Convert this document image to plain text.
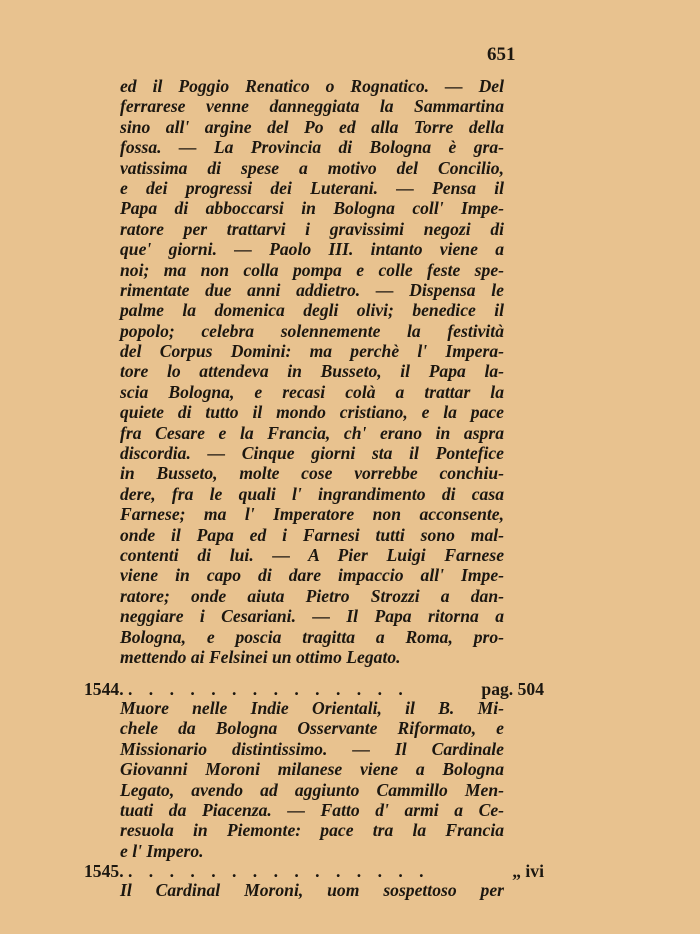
651
ed il Poggio Renatico o Rognatico. — Del
ferrarese venne danneggiata la Sammartina
sino all' argine del Po ed alla Torre della
fossa. — La Provincia di Bologna è gra-
vatissima di spese a motivo del Concilio,
e dei progressi dei Luterani. — Pensa il
Papa di abboccarsi in Bologna coll' Impe-
ratore per trattarvi i gravissimi negozi di
que' giorni. — Paolo III. intanto viene a
noi; ma non colla pompa e colle feste spe-
rimentate due anni addietro. — Dispensa le
palme la domenica degli olivi; benedice il
popolo; celebra solennemente la festività
del Corpus Domini: ma perchè l' Impera-
tore lo attendeva in Busseto, il Papa la-
scia Bologna, e recasi colà a trattar la
quiete di tutto il mondo cristiano, e la pace
fra Cesare e la Francia, ch' erano in aspra
discordia. — Cinque giorni sta il Pontefice
in Busseto, molte cose vorrebbe conchiu-
dere, fra le quali l' ingrandimento di casa
Farnese; ma l' Imperatore non acconsente,
onde il Papa ed i Farnesi tutti sono mal-
contenti di lui. — A Pier Luigi Farnese
viene in capo di dare impaccio all' Impe-
ratore; onde aiuta Pietro Strozzi a dan-
neggiare i Cesariani. — Il Papa ritorna a
Bologna, e poscia tragitta a Roma, pro-
mettendo ai Felsinei un ottimo Legato.
1544. . . . . . . . . . . . . . .	pag. 504
Muore nelle Indie Orientali, il B. Mi-
chele da Bologna Osservante Riformato, e
Missionario distintissimo. — Il Cardinale
Giovanni Moroni milanese viene a Bologna
Legato, avendo ad aggiunto Cammillo Men-
tuati da Piacenza. — Fatto d' armi a Ce-
resuola in Piemonte: pace tra la Francia
e l' Impero.
1545. . . . . . . . . . . . . . . .	„ ivi
Il Cardinal Moroni, uom sospettoso per
